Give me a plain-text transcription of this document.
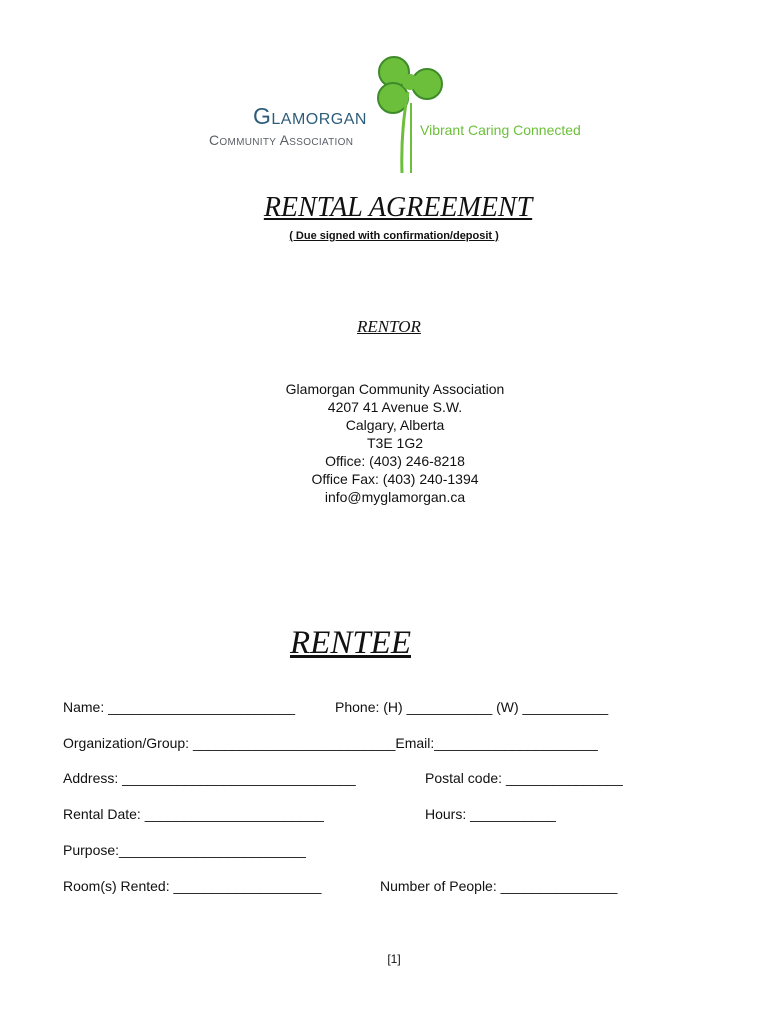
Glamorgan
Community Association
Vibrant Caring Connected
RENTAL AGREEMENT
( Due signed with confirmation/deposit )
RENTOR
Glamorgan Community Association
4207 41 Avenue S.W.
Calgary, Alberta
T3E 1G2
Office: (403) 246-8218
Office Fax: (403) 240-1394
info@myglamorgan.ca
RENTEE
Name: ________________________	Phone: (H) ___________ (W) ___________
Organization/Group: __________________________Email:_____________________
Address: ______________________________	Postal code: _______________
Rental Date: _______________________	Hours: ___________
Purpose:________________________
Room(s) Rented: ___________________	Number of People: _______________
[1]
